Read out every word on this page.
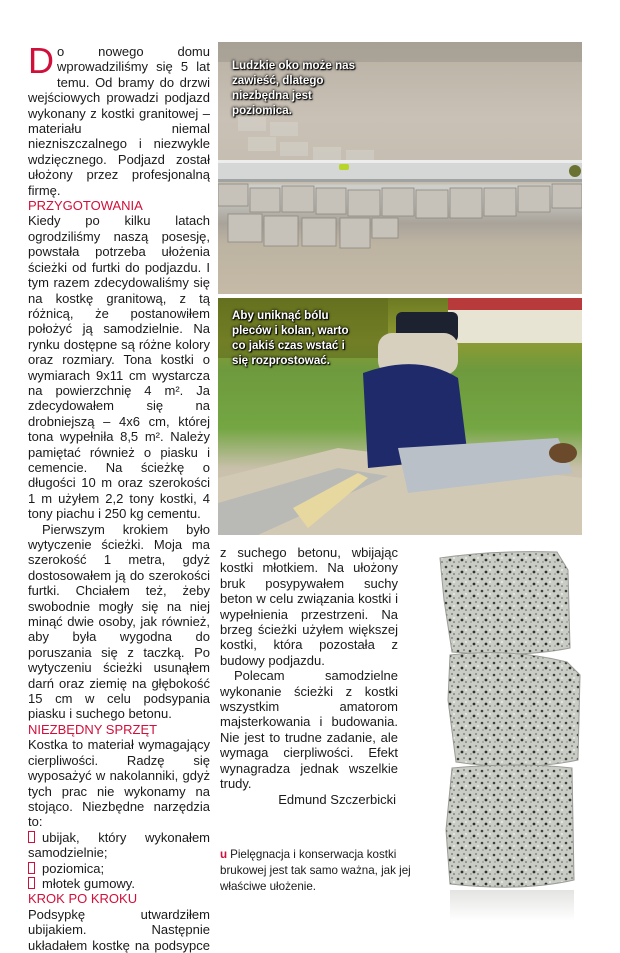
Do nowego domu wprowadziliśmy się 5 lat temu. Od bramy do drzwi wejściowych prowadzi podjazd wykonany z kostki granitowej – materiału niemal niezniszczalnego i niezwykle wdzięcznego. Podjazd został ułożony przez profesjonalną firmę.

PRZYGOTOWANIA

Kiedy po kilku latach ogrodziliśmy naszą posesję, powstała potrzeba ułożenia ścieżki od furtki do podjazdu. I tym razem zdecydowaliśmy się na kostkę granitową, z tą różnicą, że postanowiłem położyć ją samodzielnie. Na rynku dostępne są różne kolory oraz rozmiary. Tona kostki o wymiarach 9x11 cm wystarcza na powierzchnię 4 m². Ja zdecydowałem się na drobniejszą – 4x6 cm, której tona wypełniła 8,5 m². Należy pamiętać również o piasku i cemencie. Na ścieżkę o długości 10 m oraz szerokości 1 m użyłem 2,2 tony kostki, 4 tony piachu i 250 kg cementu.

Pierwszym krokiem było wytyczenie ścieżki. Moja ma szerokość 1 metra, gdyż dostosowałem ją do szerokości furtki. Chciałem też, żeby swobodnie mogły się na niej minąć dwie osoby, jak również, aby była wygodna do poruszania się z taczką. Po wytyczeniu ścieżki usunąłem darń oraz ziemię na głębokość 15 cm w celu podsypania piasku i suchego betonu.

NIEZBĘDNY SPRZĘT

Kostka to materiał wymagający cierpliwości. Radzę się wyposażyć w nakolanniki, gdyż tych prac nie wykonamy na stojąco. Niezbędne narzędzia to:

ubijak, który wykonałem samodzielnie;

poziomica;

młotek gumowy.

KROK PO KROKU

Podsypkę utwardziłem ubijakiem. Następnie układałem kostkę na podsypce

Ludzkie oko może nas zawieść, dlatego niezbędna jest poziomica.
Aby uniknąć bólu pleców i kolan, warto co jakiś czas wstać i się rozprostować.

z suchego betonu, wbijając kostki młotkiem. Na ułożony bruk posypywałem suchy beton w celu związania kostki i wypełnienia przestrzeni. Na brzeg ścieżki użyłem większej kostki, która pozostała z budowy podjazdu.

Polecam samodzielne wykonanie ścieżki z kostki wszystkim amatorom majsterkowania i budowania. Nie jest to trudne zadanie, ale wymaga cierpliwości. Efekt wynagradza jednak wszelkie trudy.

Edmund Szczerbicki

u Pielęgnacja i konserwacja kostki brukowej jest tak samo ważna, jak jej właściwe ułożenie.
